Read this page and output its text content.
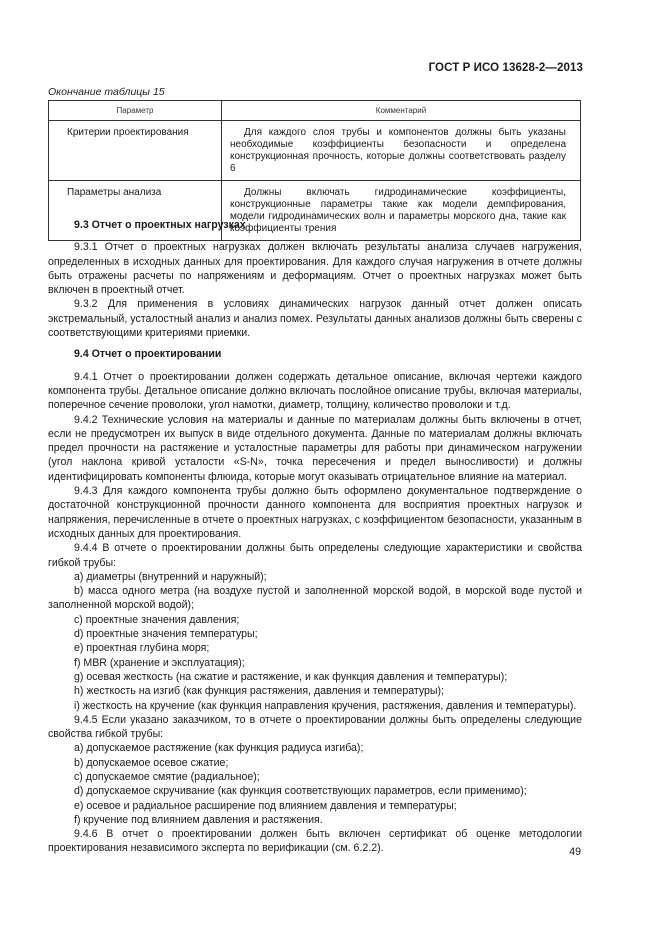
ГОСТ Р ИСО 13628-2—2013
Окончание таблицы 15
Параметр	Комментарий
Критерии проектирования	Для каждого слоя трубы и компонентов должны быть указаны необходимые коэффициенты безопасности и определена конструкционная прочность, которые должны соответствовать разделу 6
Параметры анализа	Должны включать гидродинамические коэффициенты, конструкционные параметры такие как модели демпфирования, модели гидродинамических волн и параметры морского дна, такие как коэффициенты трения
9.3 Отчет о проектных нагрузках

9.3.1 Отчет о проектных нагрузках должен включать результаты анализа случаев нагружения, определенных в исходных данных для проектирования. Для каждого случая нагружения в отчете должны быть отражены расчеты по напряжениям и деформациям. Отчет о проектных нагрузках может быть включен в проектный отчет.

9.3.2 Для применения в условиях динамических нагрузок данный отчет должен описать экстремальный, усталостный анализ и анализ помех. Результаты данных анализов должны быть сверены с соответствующими критериями приемки.

9.4 Отчет о проектировании

9.4.1 Отчет о проектировании должен содержать детальное описание, включая чертежи каждого компонента трубы. Детальное описание должно включать послойное описание трубы, включая материалы, поперечное сечение проволоки, угол намотки, диаметр, толщину, количество проволоки и т.д.

9.4.2 Технические условия на материалы и данные по материалам должны быть включены в отчет, если не предусмотрен их выпуск в виде отдельного документа. Данные по материалам должны включать предел прочности на растяжение и усталостные параметры для работы при динамическом нагружении (угол наклона кривой усталости «S-N», точка пересечения и предел выносливости) и должны идентифицировать компоненты флюида, которые могут оказывать отрицательное влияние на материал.

9.4.3 Для каждого компонента трубы должно быть оформлено документальное подтверждение о достаточной конструкционной прочности данного компонента для восприятия проектных нагрузок и напряжения, перечисленные в отчете о проектных нагрузках, с коэффициентом безопасности, указанным в исходных данных для проектирования.

9.4.4 В отчете о проектировании должны быть определены следующие характеристики и свойства гибкой трубы:

a) диаметры (внутренний и наружный);

b) масса одного метра (на воздухе пустой и заполненной морской водой, в морской воде пустой и заполненной морской водой);

c) проектные значения давления;

d) проектные значения температуры;

e) проектная глубина моря;

f) MBR (хранение и эксплуатация);

g) осевая жесткость (на сжатие и растяжение, и как функция давления и температуры);

h) жесткость на изгиб (как функция растяжения, давления и температуры);

i) жесткость на кручение (как функция направления кручения, растяжения, давления и температуры).

9.4.5 Если указано заказчиком, то в отчете о проектировании должны быть определены следующие свойства гибкой трубы:

a) допускаемое растяжение (как функция радиуса изгиба);

b) допускаемое осевое сжатие;

c) допускаемое смятие (радиальное);

d) допускаемое скручивание (как функция соответствующих параметров, если применимо);

e) осевое и радиальное расширение под влиянием давления и температуры;

f) кручение под влиянием давления и растяжения.

9.4.6 В отчет о проектировании должен быть включен сертификат об оценке методологии проектирования независимого эксперта по верификации (см. 6.2.2).	49
